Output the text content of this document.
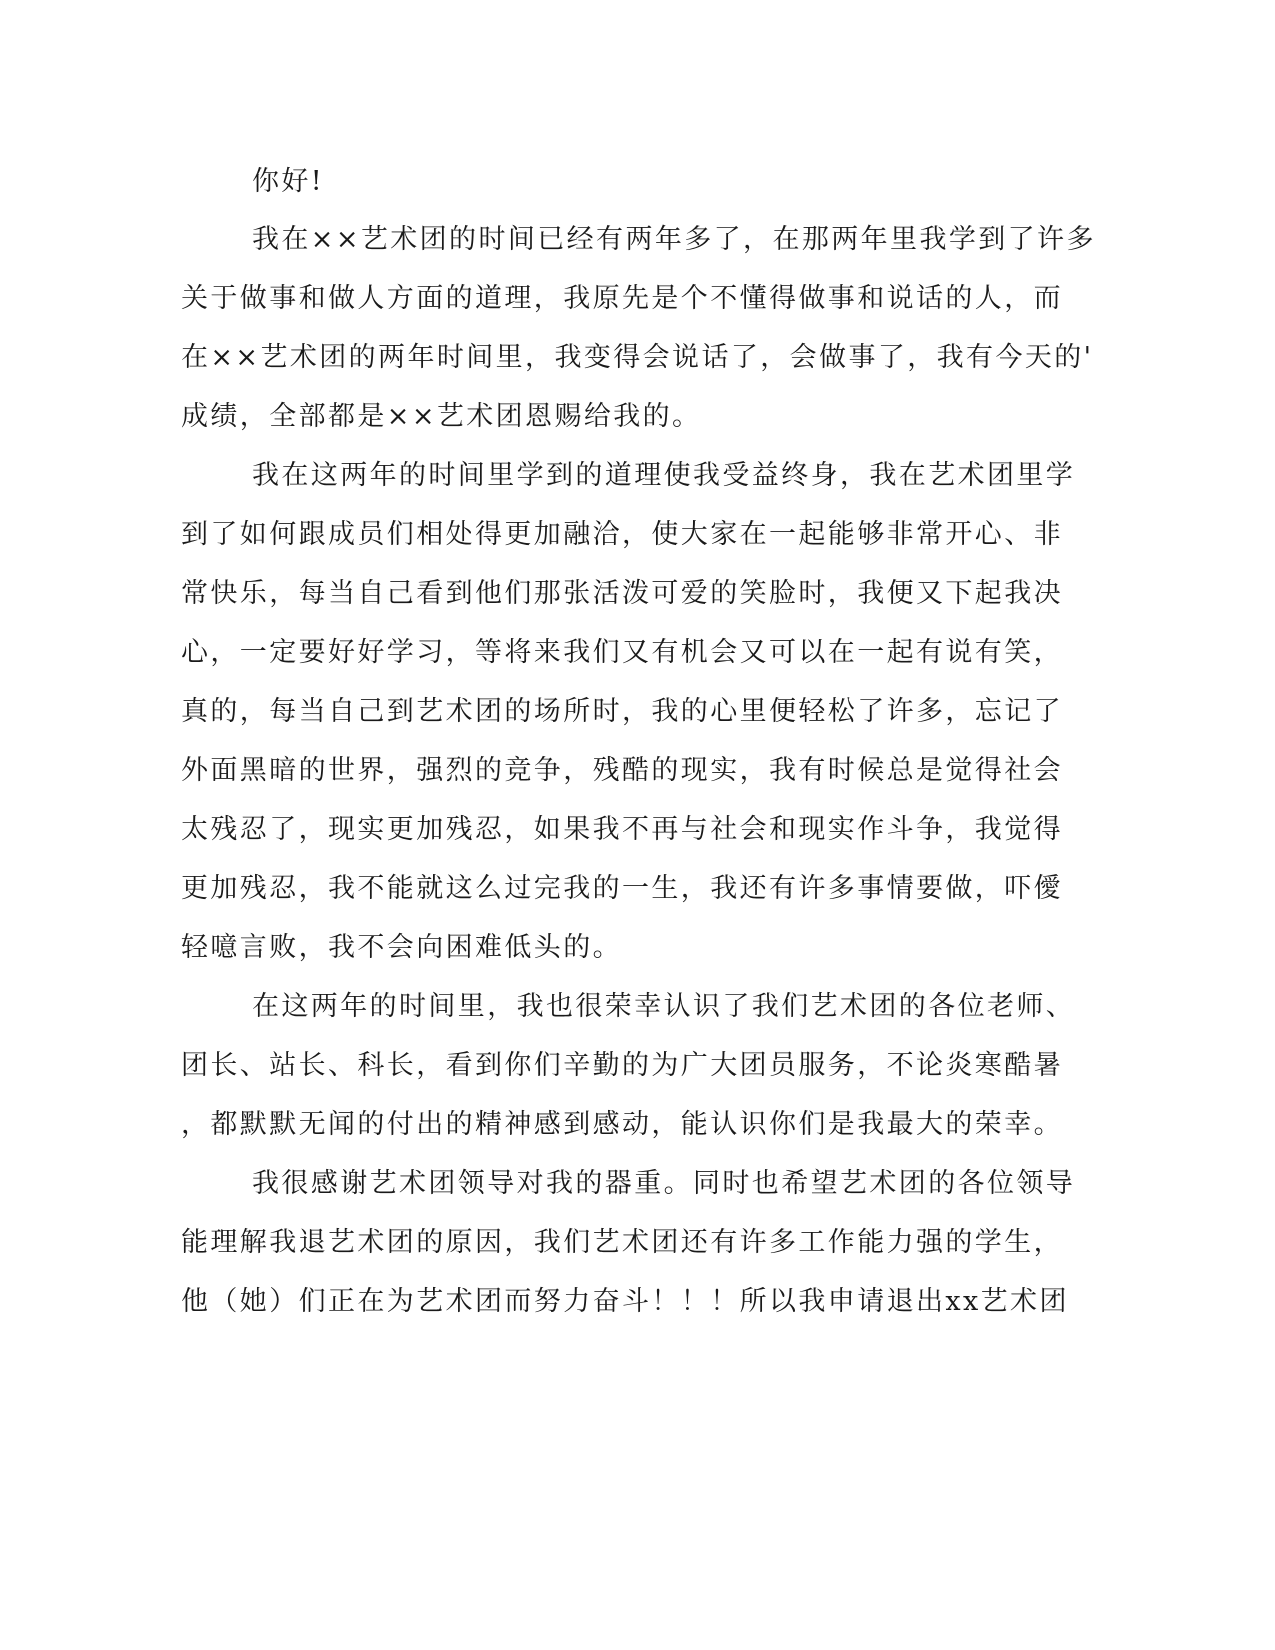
你好!
我在××艺术团的时间已经有两年多了，在那两年里我学到了许多
关于做事和做人方面的道理，我原先是个不懂得做事和说话的人，而
在××艺术团的两年时间里，我变得会说话了，会做事了，我有今天的'
成绩，全部都是××艺术团恩赐给我的。
我在这两年的时间里学到的道理使我受益终身，我在艺术团里学
到了如何跟成员们相处得更加融洽，使大家在一起能够非常开心、非
常快乐，每当自己看到他们那张活泼可爱的笑脸时，我便又下起我决
心，一定要好好学习，等将来我们又有机会又可以在一起有说有笑，
真的，每当自己到艺术团的场所时，我的心里便轻松了许多，忘记了
外面黑暗的世界，强烈的竞争，残酷的现实，我有时候总是觉得社会
太残忍了，现实更加残忍，如果我不再与社会和现实作斗争，我觉得
更加残忍，我不能就这么过完我的一生，我还有许多事情要做，吓僾
轻噫言败，我不会向困难低头的。
在这两年的时间里，我也很荣幸认识了我们艺术团的各位老师、
团长、站长、科长，看到你们辛勤的为广大团员服务，不论炎寒酷暑
，都默默无闻的付出的精神感到感动，能认识你们是我最大的荣幸。
我很感谢艺术团领导对我的器重。同时也希望艺术团的各位领导
能理解我退艺术团的原因，我们艺术团还有许多工作能力强的学生，
他（她）们正在为艺术团而努力奋斗！！！所以我申请退出xx艺术团
